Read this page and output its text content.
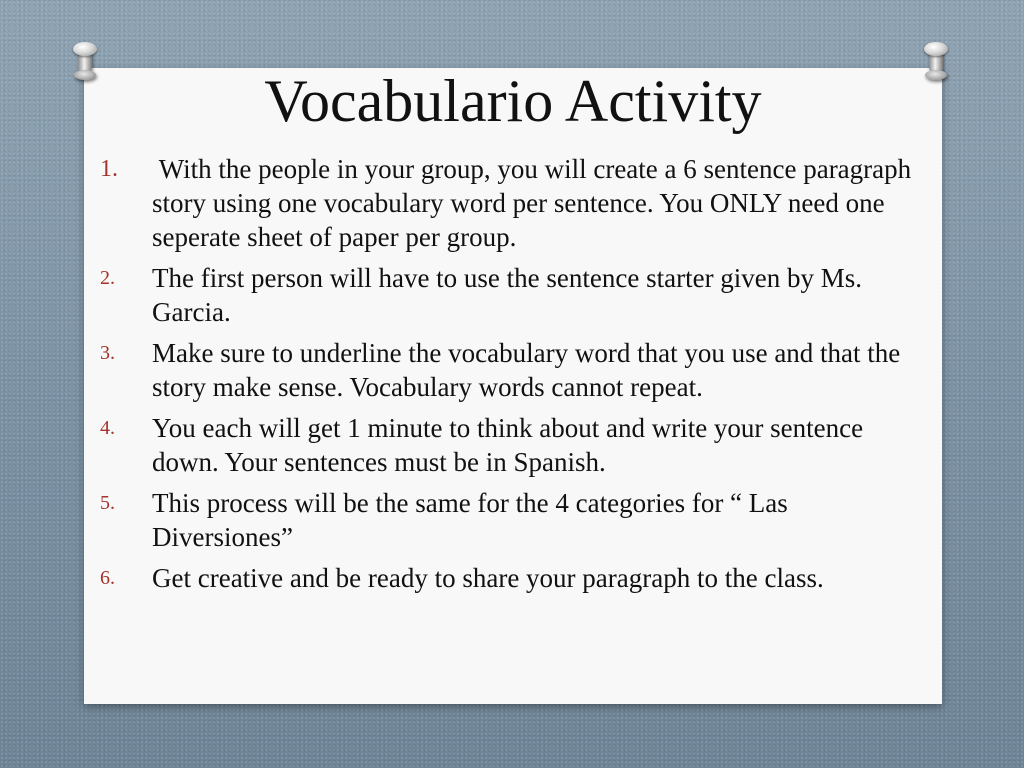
Vocabulario Activity
1.	With the people in your group, you will create a 6 sentence paragraph story using one vocabulary word per sentence. You ONLY need one seperate sheet of paper per group.
2.	The first person will have to use the sentence starter given by Ms. Garcia.
3.	Make sure to underline the vocabulary word that you use and that the story make sense. Vocabulary words cannot repeat.
4.	You each will get 1 minute to think about and write your sentence down. Your sentences must be in Spanish.
5.	This process will be the same for the 4 categories for “ Las Diversiones”
6.	Get creative and be ready to share your paragraph to the class.
